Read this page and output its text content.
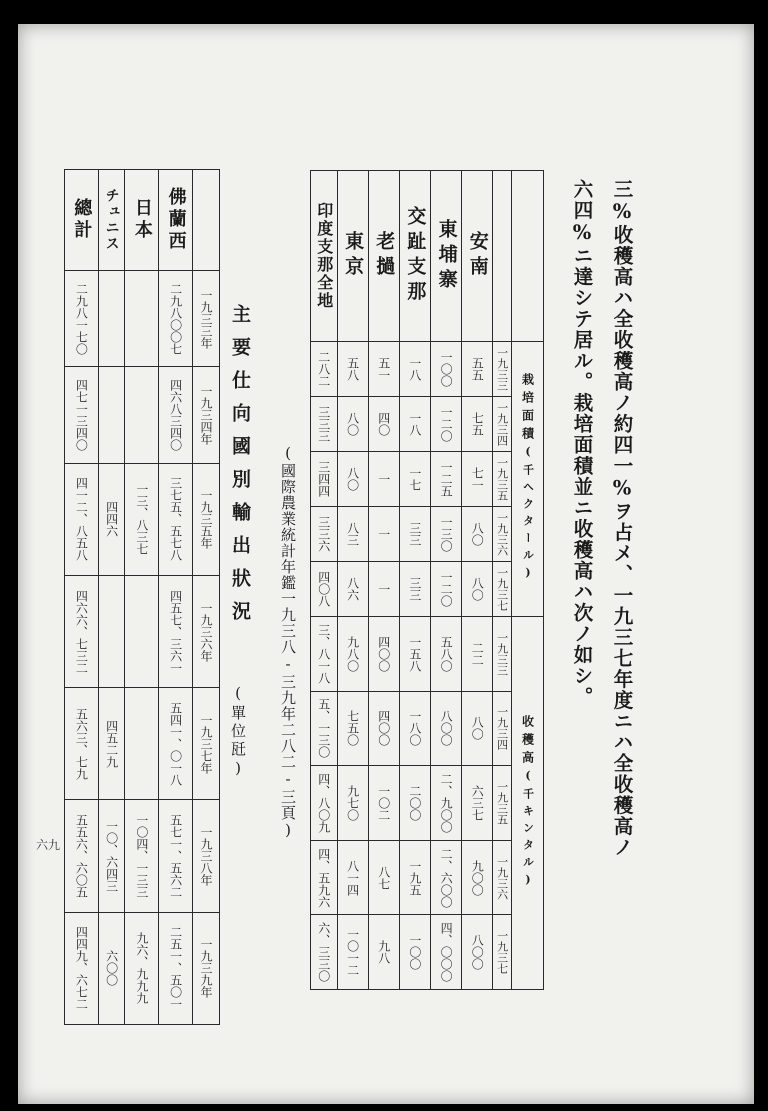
三%收穫高ハ全收穫高ノ約四一%ヲ占メ、一九三七年度ニハ全收穫高ノ
六四%ニ達シテ居ル。栽培面積並ニ收穫高ハ次ノ如シ。
	栽培面積(千ヘクタール)	收穫高(千キンタル)
	一九三三	一九三四	一九三五	一九三六	一九三七	一九三三	一九三四	一九三五	一九三六	一九三七
安南	五五	七五	七一	八〇	八〇	二二	八〇	六三七	九〇〇	八〇〇
東埔寨	一〇〇	一二〇	一二五	一三〇	一二〇	五八〇	八〇〇	二、九〇〇	二、六〇〇	四、〇〇〇
交趾支那	一八	一八	一七	三三	三三	一五八	一八〇	二〇〇	一九五	一〇〇
老撾	五一	四〇	一	一	一	四〇〇	四〇〇	一〇二	八七	九八
東京	五八	八〇	八〇	八三	八六	九八〇	七五〇	九七〇	八一四	一〇一二
印度支那全地	二八二	三三三	三四四	三三六	四〇八	三、八一八	五、一三〇	四、八〇九	四、五九六	六、三三〇
(國際農業統計年鑑一九三八-三九年二八二-三頁)
主要仕向國別輸出狀況
(單位瓩)
	一九三三年	一九三四年	一九三五年	一九三六年	一九三七年	一九三八年	一九三九年
佛蘭西	二九八〇〇七	四六八三四〇	三七五、五七八	四五七、三六一	五四一、〇一八	五七一、五六二	二五一、五〇一
日本			一三、八三七			一〇四、一三三	九六、九九九
チュニス			四四六		四五二九	一〇、六四三	六〇〇
總計	二九八一七〇	四七一三四〇	四一二、八五八	四六六、七三二	五六三、七九	五五六、六〇五	四四九、六七二
六九
